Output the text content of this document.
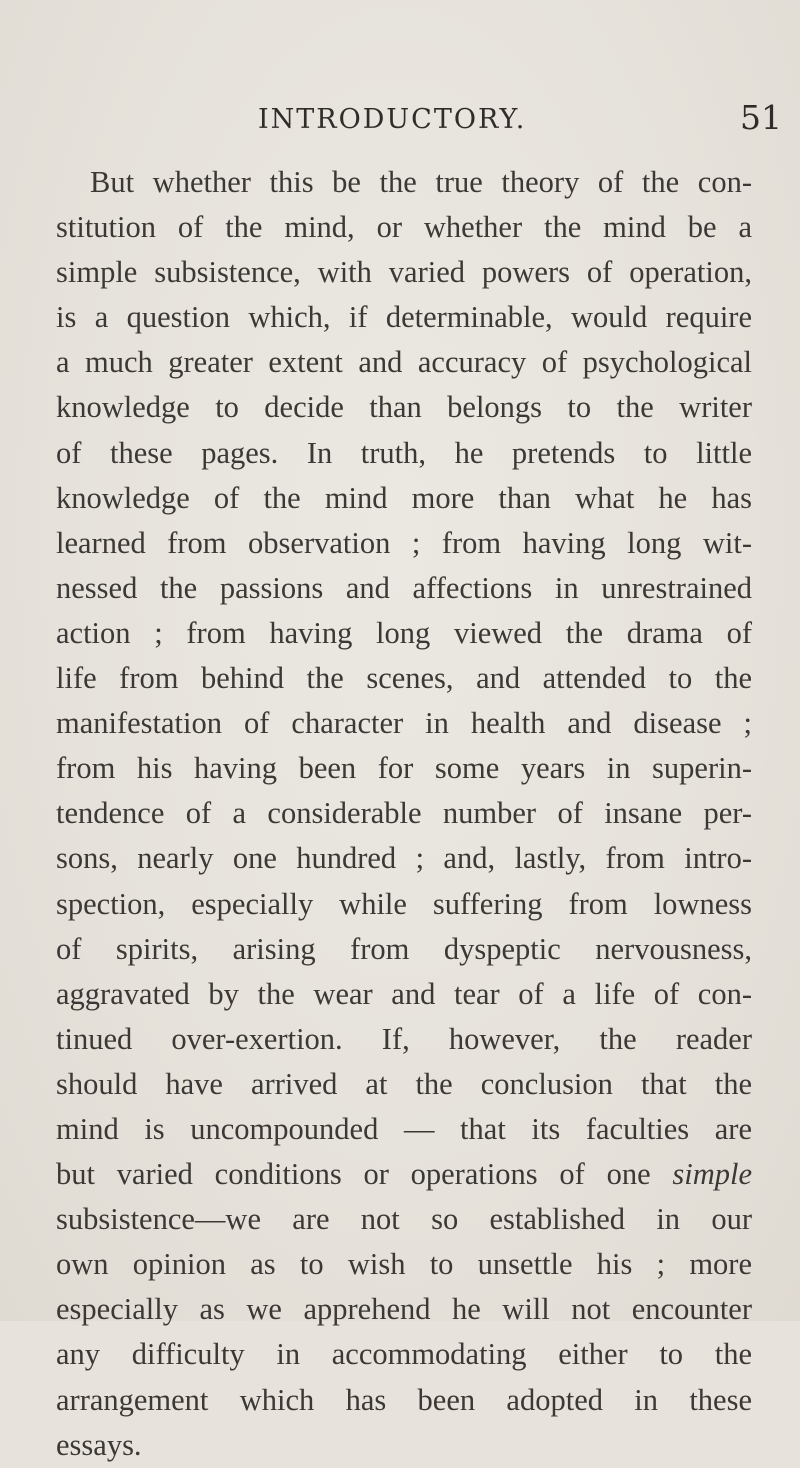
INTRODUCTORY.	51
But whether this be the true theory of the con-
stitution of the mind, or whether the mind be a
simple subsistence, with varied powers of operation,
is a question which, if determinable, would require
a much greater extent and accuracy of psychological
knowledge to decide than belongs to the writer
of these pages. In truth, he pretends to little
knowledge of the mind more than what he has
learned from observation ; from having long wit-
nessed the passions and affections in unrestrained
action ; from having long viewed the drama of
life from behind the scenes, and attended to the
manifestation of character in health and disease ;
from his having been for some years in superin-
tendence of a considerable number of insane per-
sons, nearly one hundred ; and, lastly, from intro-
spection, especially while suffering from lowness
of spirits, arising from dyspeptic nervousness,
aggravated by the wear and tear of a life of con-
tinued over-exertion. If, however, the reader
should have arrived at the conclusion that the
mind is uncompounded — that its faculties are
but varied conditions or operations of one simple
subsistence—we are not so established in our
own opinion as to wish to unsettle his ; more
especially as we apprehend he will not encounter
any difficulty in accommodating either to the
arrangement which has been adopted in these
essays.
